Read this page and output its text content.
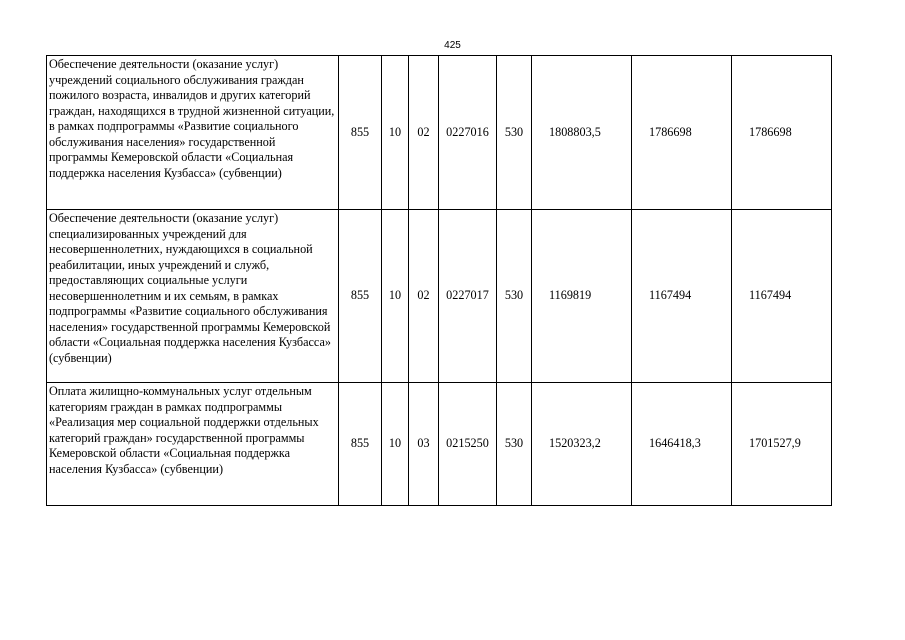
425
Обеспечение деятельности (оказание услуг) учреждений социального обслуживания граждан пожилого возраста, инвалидов и других категорий граждан, находящихся в трудной жизненной ситуации, в рамках подпрограммы «Развитие социального обслуживания населения» государственной программы Кемеровской области «Социальная поддержка населения Кузбасса» (субвенции)	855	10	02	0227016	530	1808803,5	1786698	1786698
Обеспечение деятельности (оказание услуг) специализированных учреждений для несовершеннолетних, нуждающихся в социальной реабилитации, иных учреждений и служб, предоставляющих социальные услуги несовершеннолетним и их семьям, в рамках подпрограммы «Развитие социального обслуживания населения» государственной программы Кемеровской области «Социальная поддержка населения Кузбасса» (субвенции)	855	10	02	0227017	530	1169819	1167494	1167494
Оплата жилищно-коммунальных услуг отдельным категориям граждан в рамках подпрограммы «Реализация мер социальной поддержки отдельных категорий граждан» государственной программы Кемеровской области «Социальная поддержка населения Кузбасса» (субвенции)	855	10	03	0215250	530	1520323,2	1646418,3	1701527,9
